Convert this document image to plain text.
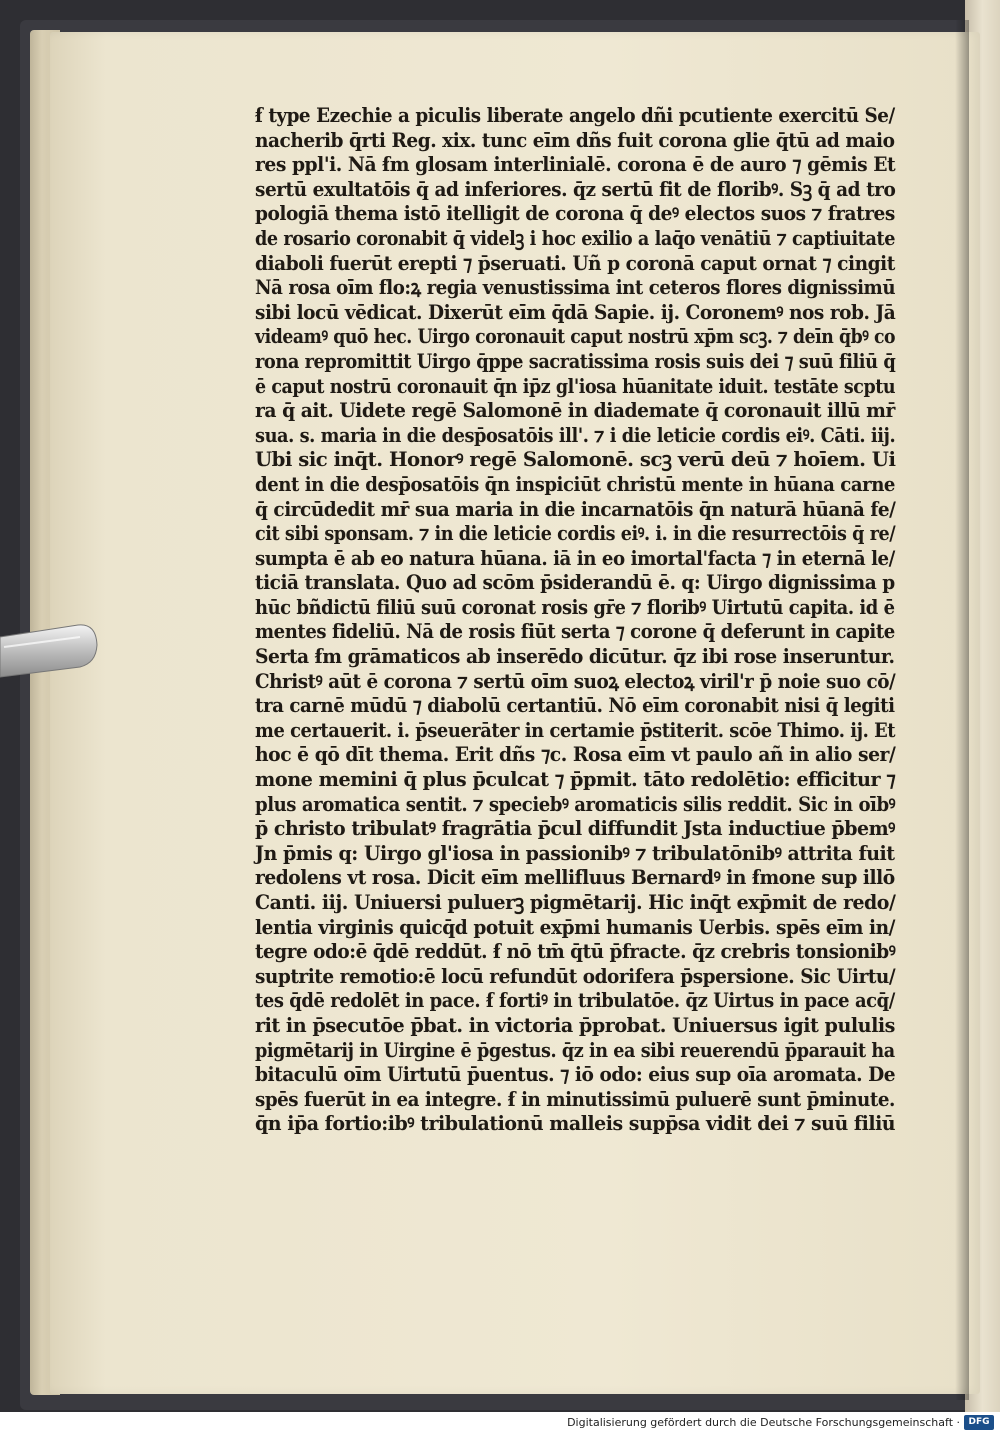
ẜ type Ezechie a piculis liberate angelo dñi pcutiente exercitū Se/
nacherib q̄rti Reg. xix. tunc eīm dñs fuit corona glie q̄tū ad maio
res ppl'i. Nā ẜm glosam interlinialē. corona ē de auro ⁊ gēmis Et
sertū exultatōis q̄ ad inferiores. q̄z sertū fit de floribꝰ. Sꝫ q̄ ad tro
pologiā thema istō itelligit de corona q̄ deꝰ electos suos ⁊ fratres
de rosario coronabit q̄ videlꝫ i hoc exilio a laq̄o venātiū ⁊ captiuitate
diaboli fuerūt erepti ⁊ p̄seruati. Uñ p coronā caput ornat ⁊ cingit
Nā rosa oīm flo:ꝝ regia venustissima int ceteros flores dignissimū
sibi locū vēdicat. Dixerūt eīm q̄dā Sapie. ij. Coronemꝰ nos rob. Jā
videamꝰ quō hec. Uirgo coronauit caput nostrū xp̄m scꝫ. ⁊ deīn q̄bꝰ co
rona repromittit Uirgo q̄ppe sacratissima rosis suis dei ⁊ suū filiū q̄
ē caput nostrū coronauit q̄n ip̄z gl'iosa hūanitate iduit. testāte scptu
ra q̄ ait. Uidete regē Salomonē in diademate q̄ coronauit illū mr̄
sua. s. maria in die desp̄osatōis ill'. ⁊ i die leticie cordis eiꝰ. Cāti. iij.
Ubi sic inq̄t. Honorꝰ regē Salomonē. scꝫ verū deū ⁊ hoīem. Ui
dent in die desp̄osatōis q̄n inspiciūt christū mente in hūana carne
q̄ circūdedit mr̄ sua maria in die incarnatōis q̄n naturā hūanā fe/
cit sibi sponsam. ⁊ in die leticie cordis eiꝰ. i. in die resurrectōis q̄ re/
sumpta ē ab eo natura hūana. iā in eo imortal'facta ⁊ in eternā le/
ticiā translata. Quo ad scōm p̄siderandū ē. q: Uirgo dignissima p
hūc bñdictū filiū suū coronat rosis gr̄e ⁊ floribꝰ Uirtutū capita. id ē
mentes fideliū. Nā de rosis fiūt serta ⁊ corone q̄ deferunt in capite
Serta ẜm grāmaticos ab inserēdo dicūtur. q̄z ibi rose inseruntur.
Christꝰ aūt ē corona ⁊ sertū oīm suoꝝ electoꝝ viril'r p̄ noie suo cō/
tra carnē mūdū ⁊ diabolū certantiū. Nō eīm coronabit nisi q̄ legiti
me certauerit. i. p̄seuerāter in certamie p̄stiterit. scōe Thimo. ij. Et
hoc ē qō dīt thema. Erit dñs ⁊c. Rosa eīm vt paulo añ in alio ser/
mone memini q̄ plus p̄culcat ⁊ p̄pmit. tāto redolētio: efficitur ⁊
plus aromatica sentit. ⁊ speciebꝰ aromaticis silis reddit. Sic in oībꝰ
p̄ christo tribulatꝰ fragrātia p̄cul diffundit Jsta inductiue p̄bemꝰ
Jn p̄mis q: Uirgo gl'iosa in passionibꝰ ⁊ tribulatōnibꝰ attrita fuit
redolens vt rosa. Dicit eīm mellifluus Bernardꝰ in ẜmone sup illō
Canti. iij. Uniuersi puluerꝫ pigmētarij. Hic inq̄t exp̄mit de redo/
lentia virginis quicq̄d potuit exp̄mi humanis Uerbis. spēs eīm in/
tegre odo:ē q̄dē reddūt. ẜ nō tm̄ q̄tū p̄fracte. q̄z crebris tonsionibꝰ
suptrite remotio:ē locū refundūt odorifera p̄spersione. Sic Uirtu/
tes q̄dē redolēt in pace. ẜ fortiꝰ in tribulatōe. q̄z Uirtus in pace acq̄/
rit in p̄secutōe p̄bat. in victoria p̄probat. Uniuersus igit pululis
pigmētarij in Uirgine ē p̄gestus. q̄z in ea sibi reuerendū p̄parauit ha
bitaculū oīm Uirtutū p̄uentus. ⁊ iō odo: eius sup oīa aromata. De
spēs fuerūt in ea integre. ẜ in minutissimū puluerē sunt p̄minute.
q̄n ip̄a fortio:ibꝰ tribulationū malleis supp̄sa vidit dei ⁊ suū filiū
Digitalisierung gefördert durch die Deutsche Forschungsgemeinschaft · DFG
